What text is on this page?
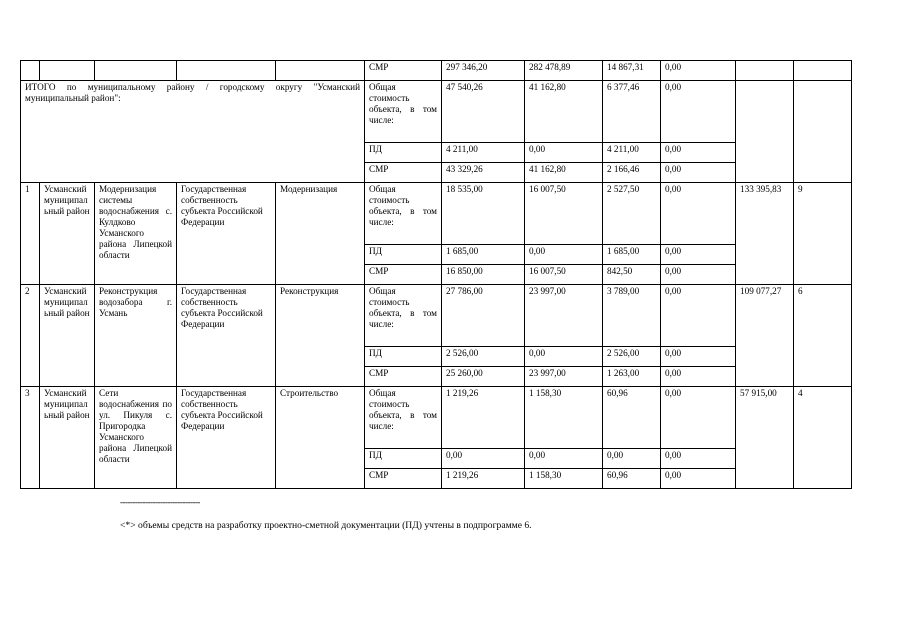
					СМР	297 346,20	282 478,89	14 867,31	0,00		
ИТОГО по муниципальному району / городскому округу "Усманский муниципальный район":					Общая стоимость объекта, в том числе:	47 540,26	41 162,80	6 377,46	0,00		
					ПД	4 211,00	0,00	4 211,00	0,00		
					СМР	43 329,26	41 162,80	2 166,46	0,00		
1	Усманский муниципальный район	Модернизация системы водоснабжения с. Кулдково Усманского района Липецкой области	Государственная собственность субъекта Российской Федерации	Модернизация	Общая стоимость объекта, в том числе:	18 535,00	16 007,50	2 527,50	0,00	133 395,83	9
					ПД	1 685,00	0,00	1 685,00	0,00		
					СМР	16 850,00	16 007,50	842,50	0,00		
2	Усманский муниципальный район	Реконструкция водозабора г. Усмань	Государственная собственность субъекта Российской Федерации	Реконструкция	Общая стоимость объекта, в том числе:	27 786,00	23 997,00	3 789,00	0,00	109 077,27	6
					ПД	2 526,00	0,00	2 526,00	0,00		
					СМР	25 260,00	23 997,00	1 263,00	0,00		
3	Усманский муниципальный район	Сети водоснабжения по ул. Пикуля с. Пригородка Усманского района Липецкой области	Государственная собственность субъекта Российской Федерации	Строительство	Общая стоимость объекта, в том числе:	1 219,26	1 158,30	60,96	0,00	57 915,00	4
					ПД	0,00	0,00	0,00	0,00		
					СМР	1 219,26	1 158,30	60,96	0,00		
--------------------------------
<*> объемы средств на разработку проектно-сметной документации (ПД) учтены в подпрограмме 6.
